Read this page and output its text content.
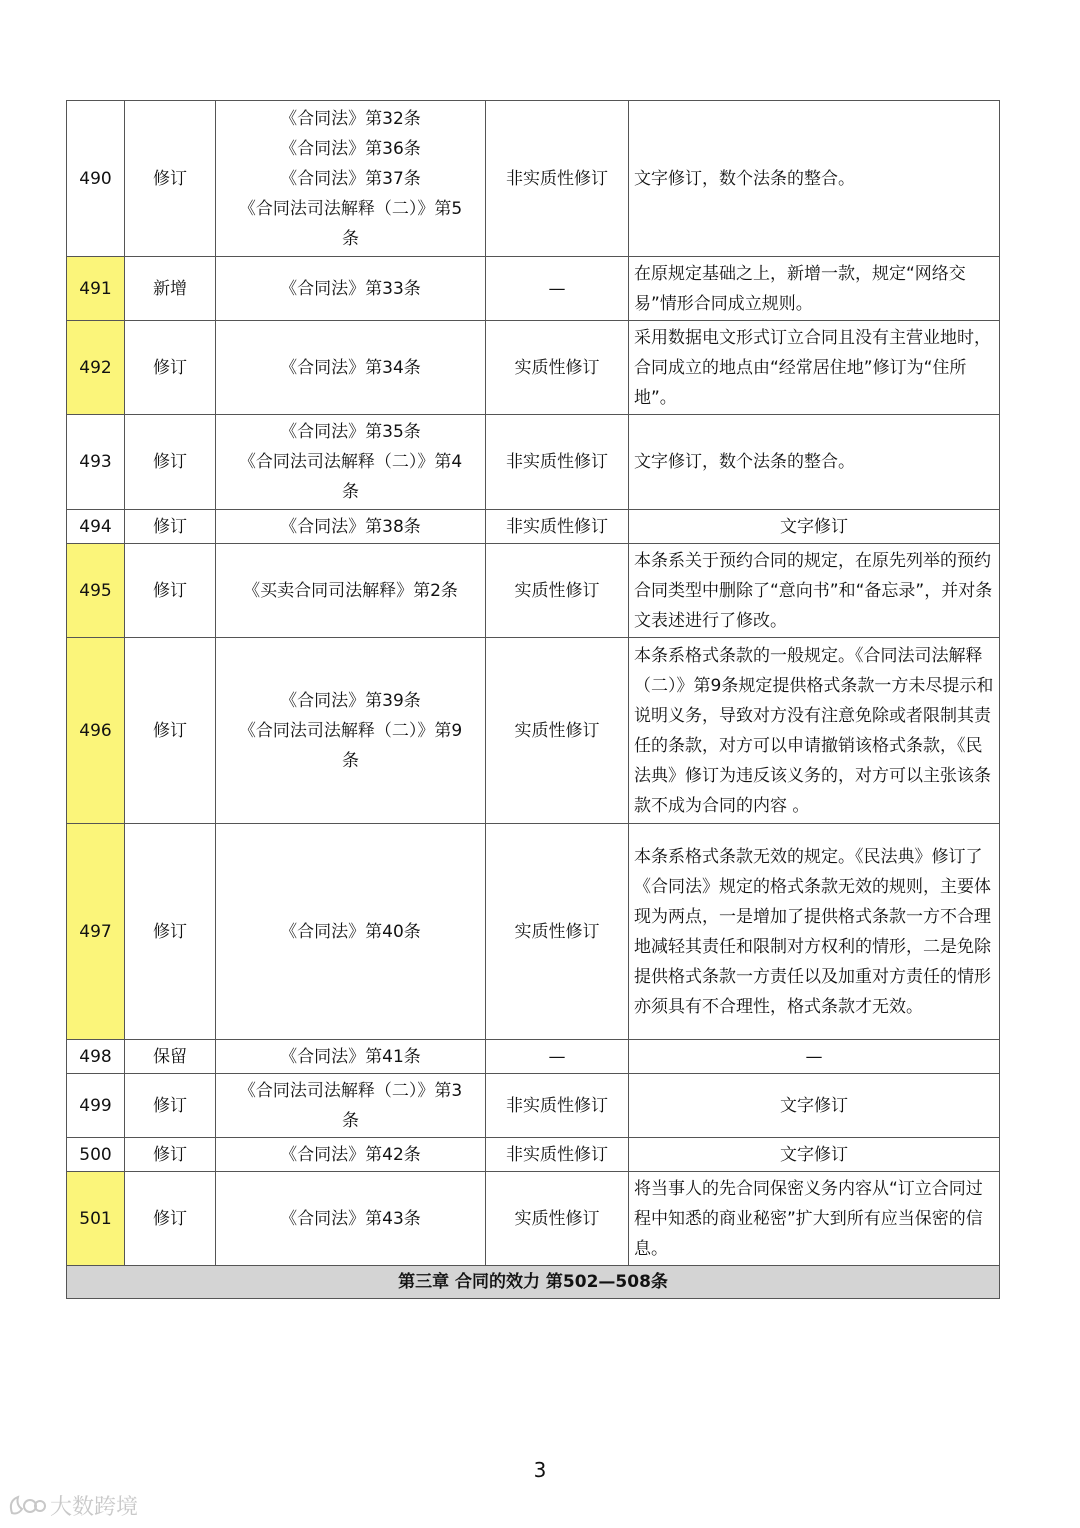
490	修订	《合同法》第32条
《合同法》第36条
《合同法》第37条
《合同法司法解释（二）》第5
条	非实质性修订	文字修订，数个法条的整合。
491	新增	《合同法》第33条	—	在原规定基础之上，新增一款，规定“网络交易”情形合同成立规则。
492	修订	《合同法》第34条	实质性修订	采用数据电文形式订立合同且没有主营业地时，合同成立的地点由“经常居住地”修订为“住所地”。
493	修订	《合同法》第35条
《合同法司法解释（二）》第4
条	非实质性修订	文字修订，数个法条的整合。
494	修订	《合同法》第38条	非实质性修订	文字修订
495	修订	《买卖合同司法解释》第2条	实质性修订	本条系关于预约合同的规定，在原先列举的预约合同类型中删除了“意向书”和“备忘录”，并对条文表述进行了修改。
496	修订	《合同法》第39条
《合同法司法解释（二）》第9
条	实质性修订	本条系格式条款的一般规定。《合同法司法解释（二）》第9条规定提供格式条款一方未尽提示和说明义务，导致对方没有注意免除或者限制其责任的条款，对方可以申请撤销该格式条款，《民法典》修订为违反该义务的，对方可以主张该条款不成为合同的内容 。
497	修订	《合同法》第40条	实质性修订	本条系格式条款无效的规定。《民法典》修订了《合同法》规定的格式条款无效的规则，主要体现为两点，一是增加了提供格式条款一方不合理地减轻其责任和限制对方权利的情形，二是免除提供格式条款一方责任以及加重对方责任的情形亦须具有不合理性，格式条款才无效。
498	保留	《合同法》第41条	—	—
499	修订	《合同法司法解释（二）》第3
条	非实质性修订	文字修订
500	修订	《合同法》第42条	非实质性修订	文字修订
501	修订	《合同法》第43条	实质性修订	将当事人的先合同保密义务内容从“订立合同过程中知悉的商业秘密”扩大到所有应当保密的信息。
第三章 合同的效力 第502—508条				
3
大数跨境
